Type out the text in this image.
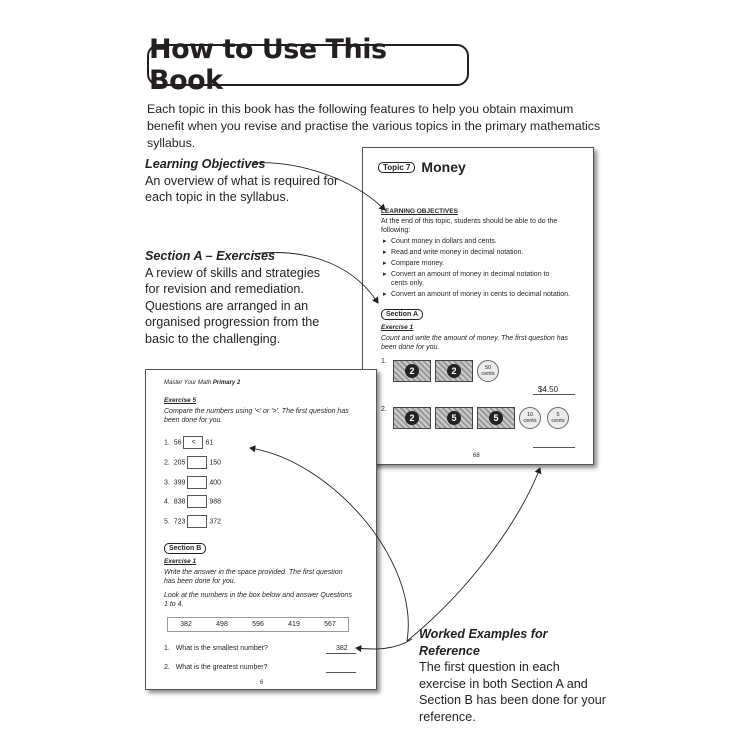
How to Use This Book
Each topic in this book has the following features to help you obtain maximum benefit when you revise and practise the various topics in the primary mathematics syllabus.
Learning Objectives
An overview of what is required for each topic in the syllabus.
Section A – Exercises
A review of skills and strategies for revision and remediation. Questions are arranged in an organised progression from the basic to the challenging.
Worked Examples for Reference
The first question in each exercise in both Section A and Section B has been done for your reference.
Topic 7 Money
LEARNING OBJECTIVES
At the end of this topic, students should be able to do the following:
▸ Count money in dollars and cents.
▸ Read and write money in decimal notation.
▸ Compare money.
▸ Convert an amount of money in decimal notation to cents only.
▸ Convert an amount of money in cents to decimal notation.
Section A
Exercise 1
Count and write the amount of money. The first question has been done for you.
1.
2	2	50
cents
$4.50
2.
2	5	5	10
cents
5
cents
68
Master Your Math Primary 2
Exercise 5
Compare the numbers using '<' or '>'. The first question has been done for you.
1. 56 < 61
2. 205	150
3. 399	400
4. 838	988
5. 723	372
Section B
Exercise 1
Write the answer in the space provided. The first question has been done for you.
Look at the numbers in the box below and answer Questions 1 to 4.
382	498	596	419	567
1. What is the smallest number?	382
2. What is the greatest number?
6
